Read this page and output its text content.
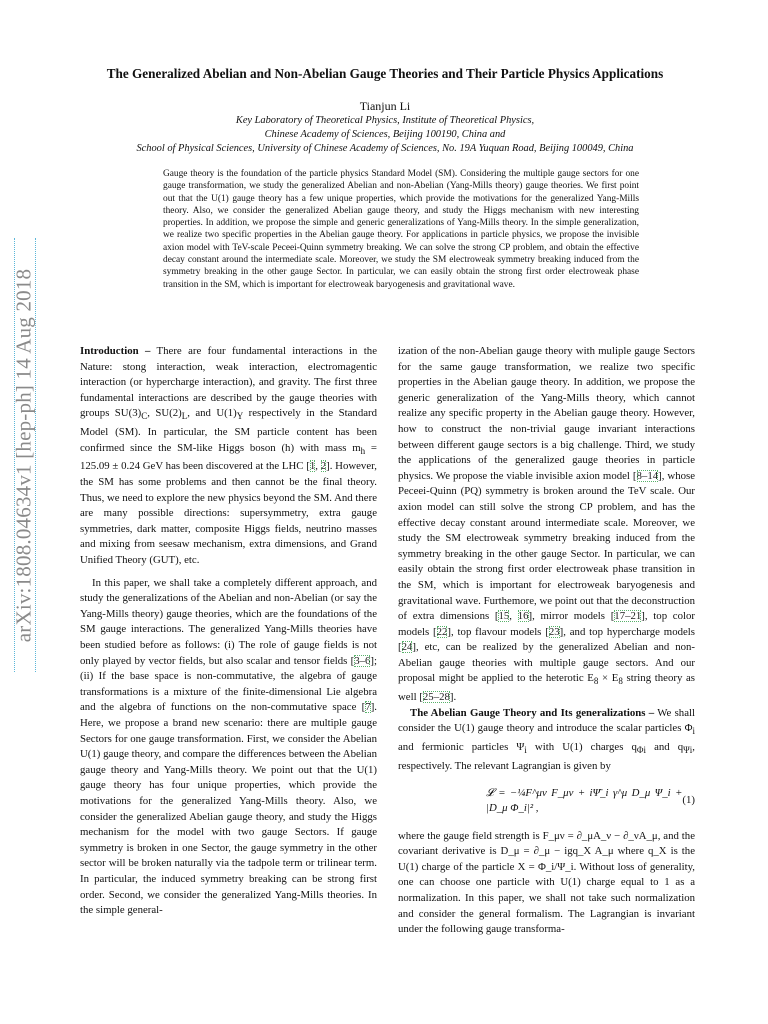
arXiv:1808.04634v1 [hep-ph] 14 Aug 2018
The Generalized Abelian and Non-Abelian Gauge Theories and Their Particle Physics Applications
Tianjun Li
Key Laboratory of Theoretical Physics, Institute of Theoretical Physics,
Chinese Academy of Sciences, Beijing 100190, China and
School of Physical Sciences, University of Chinese Academy of Sciences, No. 19A Yuquan Road, Beijing 100049, China

Gauge theory is the foundation of the particle physics Standard Model (SM). Considering the multiple gauge sectors for one gauge transformation, we study the generalized Abelian and non-Abelian (Yang-Mills theory) gauge theories. We first point out that the U(1) gauge theory has a few unique properties, which provide the motivations for the generalized Yang-Mills theory. Also, we consider the generalized Abelian gauge theory, and study the Higgs mechanism with new interesting properties. In addition, we propose the simple and generic generalizations of Yang-Mills theory. In the simple generalization, we realize two specific properties in the Abelian gauge theory. For applications in particle physics, we propose the invisible axion model with TeV-scale Peceei-Quinn symmetry breaking. We can solve the strong CP problem, and obtain the effective decay constant around the intermediate scale. Moreover, we study the SM electroweak symmetry breaking induced from the symmetry breaking in the other gauge Sector. In particular, we can easily obtain the strong first order electroweak phase transition in the SM, which is important for electroweak baryogenesis and gravitational wave.

Introduction – There are four fundamental interactions in the Nature: stong interaction, weak interaction, electromagentic interaction (or hypercharge interaction), and gravity. The first three fundamental interactions are described by the gauge theories with groups $SU(3)_C$, $SU(2)_L$, and $U(1)_Y$ respectively in the Standard Model (SM). In particular, the SM particle content has been confirmed since the SM-like Higgs boson (h) with mass $m_h = 125.09 \pm 0.24$ GeV has been discovered at the LHC [1, 2]. However, the SM has some problems and then cannot be the final theory. Thus, we need to explore the new physics beyond the SM. And there are many possible directions: supersymmetry, extra gauge symmetries, dark matter, composite Higgs fields, neutrino masses and mixing from seesaw mechanism, extra dimensions, and Grand Unified Theory (GUT), etc.

In this paper, we shall take a completely different approach, and study the generalizations of the Abelian and non-Abelian (or say the Yang-Mills theory) gauge theories, which are the foundations of the SM gauge interactions. The generalized Yang-Mills theories have been studied before as follows: (i) The role of gauge fields is not only played by vector fields, but also scalar and tensor fields [3–6]; (ii) If the base space is non-commutative, the algebra of gauge transformations is a mixture of the finite-dimensional Lie algebra and the algebra of functions on the non-commutative space [7]. Here, we propose a brand new scenario: there are multiple gauge Sectors for one gauge transformation. First, we consider the Abelian U(1) gauge theory, and compare the differences between the Abelian gauge theory and Yang-Mills theory. We point out that the U(1) gauge theory has four unique properties, which provide the motivations for the generalized Yang-Mills theory. Also, we consider the generalized Abelian gauge theory, and study the Higgs mechanism for the model with two gauge Sectors. If gauge symmetry is broken in one Sector, the gauge symmetry in the other sector will be broken naturally via the tadpole term or trilinear term. In particular, the induced symmetry breaking can be strong first order. Second, we consider the generalized Yang-Mills theories. In the simple general-

ization of the non-Abelian gauge theory with muliple gauge Sectors for the same gauge transformation, we realize two specific properties in the Abelian gauge theory. In addition, we propose the generic generalization of the Yang-Mills theory, which cannot realize any specific property in the Abelian gauge theory. However, how to construct the non-trivial gauge invariant interactions between different gauge sectors is a big challenge. Third, we study the applications of the generalized gauge theories in particle physics. We propose the viable invisible axion model [8–14], whose Peceei-Quinn (PQ) symmetry is broken around the TeV scale. Our axion model can still solve the strong CP problem, and has the effective decay constant around intermediate scale. Moreover, we study the SM electroweak symmetry breaking induced from the symmetry breaking in the other gauge Sector. In particular, we can easily obtain the strong first order electroweak phase transition in the SM, which is important for electroweak baryogenesis and gravitational wave. Furthemore, we point out that the deconstruction of extra dimensions [15, 16], mirror models [17–21], top color models [22], top flavour models [23], and top hypercharge models [24], etc, can be realized by the generalized Abelian and non-Abelian gauge theories with multiple gauge sectors. And our proposal might be applied to the heterotic $E_8 \times E_8$ string theory as well [25–28].

The Abelian Gauge Theory and Its generalizations – We shall consider the U(1) gauge theory and introduce the scalar particles $\Phi_i$ and fermionic particles $\Psi_i$ with U(1) charges $q_{\Phi i}$ and $q_{\Psi i}$, respectively. The relevant Lagrangian is given by

𝓛 = −¼F^μν F_μν + iΨ̄_i γ^μ D_μ Ψ_i + |D_μ Φ_i|² ,
(1)

where the gauge field strength is F_μν = ∂_μA_ν − ∂_νA_μ, and the covariant derivative is D_μ = ∂_μ − igq_X A_μ where q_X is the U(1) charge of the particle X = Φ_i/Ψ_i. Without loss of generality, one can choose one particle with U(1) charge equal to 1 as a normalization. In this paper, we shall not take such normalization and consider the general formalism. The Lagrangian is invariant under the following gauge transforma-
